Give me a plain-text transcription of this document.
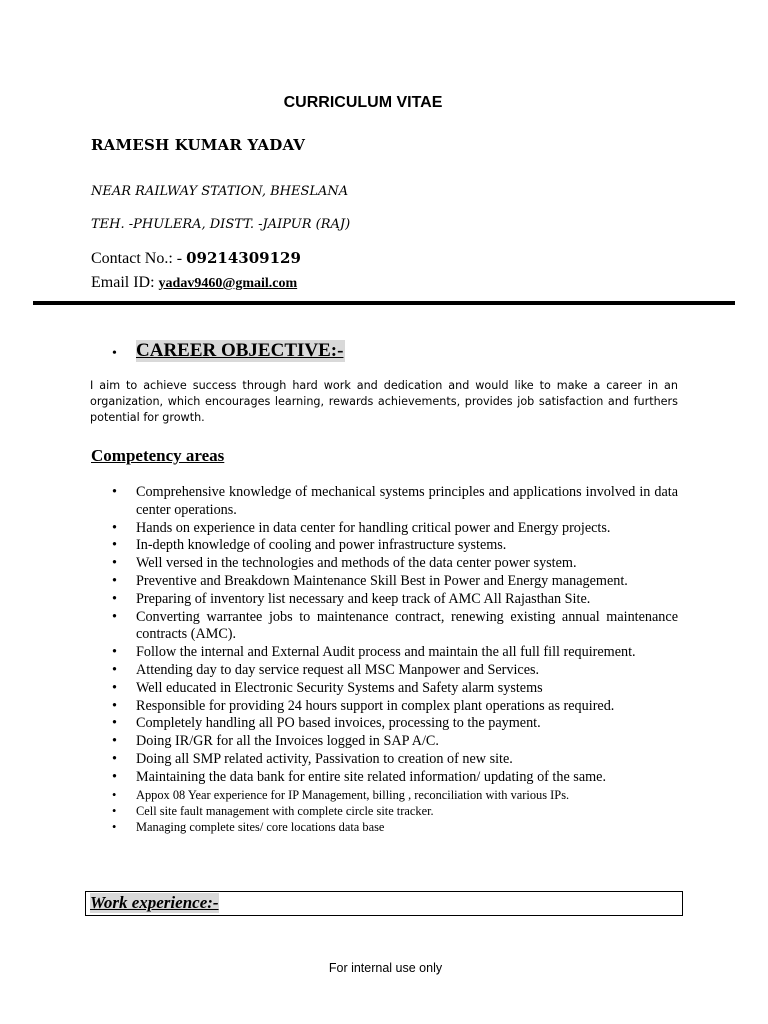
CURRICULUM VITAE
RAMESH KUMAR YADAV
NEAR RAILWAY STATION, BHESLANA
TEH. -PHULERA, DISTT. -JAIPUR (RAJ)
Contact No.: - 09214309129
Email ID: yadav9460@gmail.com
• CAREER OBJECTIVE:-
I aim to achieve success through hard work and dedication and would like to make a career in an organization, which encourages learning, rewards achievements, provides job satisfaction and furthers potential for growth.
Competency areas
• Comprehensive knowledge of mechanical systems principles and applications involved in data center operations.
• Hands on experience in data center for handling critical power and Energy projects.
• In-depth knowledge of cooling and power infrastructure systems.
• Well versed in the technologies and methods of the data center power system.
• Preventive and Breakdown Maintenance Skill Best in Power and Energy management.
• Preparing of inventory list necessary and keep track of AMC All Rajasthan Site.
• Converting warrantee jobs to maintenance contract, renewing existing annual maintenance contracts (AMC).
• Follow the internal and External Audit process and maintain the all full fill requirement.
• Attending day to day service request all MSC Manpower and Services.
• Well educated in Electronic Security Systems and Safety alarm systems
• Responsible for providing 24 hours support in complex plant operations as required.
• Completely handling all PO based invoices, processing to the payment.
• Doing IR/GR for all the Invoices logged in SAP A/C.
• Doing all SMP related activity, Passivation to creation of new site.
• Maintaining the data bank for entire site related information/ updating of the same.
• Appox 08 Year experience for IP Management, billing , reconciliation with various IPs.
• Cell site fault management with complete circle site tracker.
• Managing complete sites/ core locations data base
Work experience:-
For internal use only
